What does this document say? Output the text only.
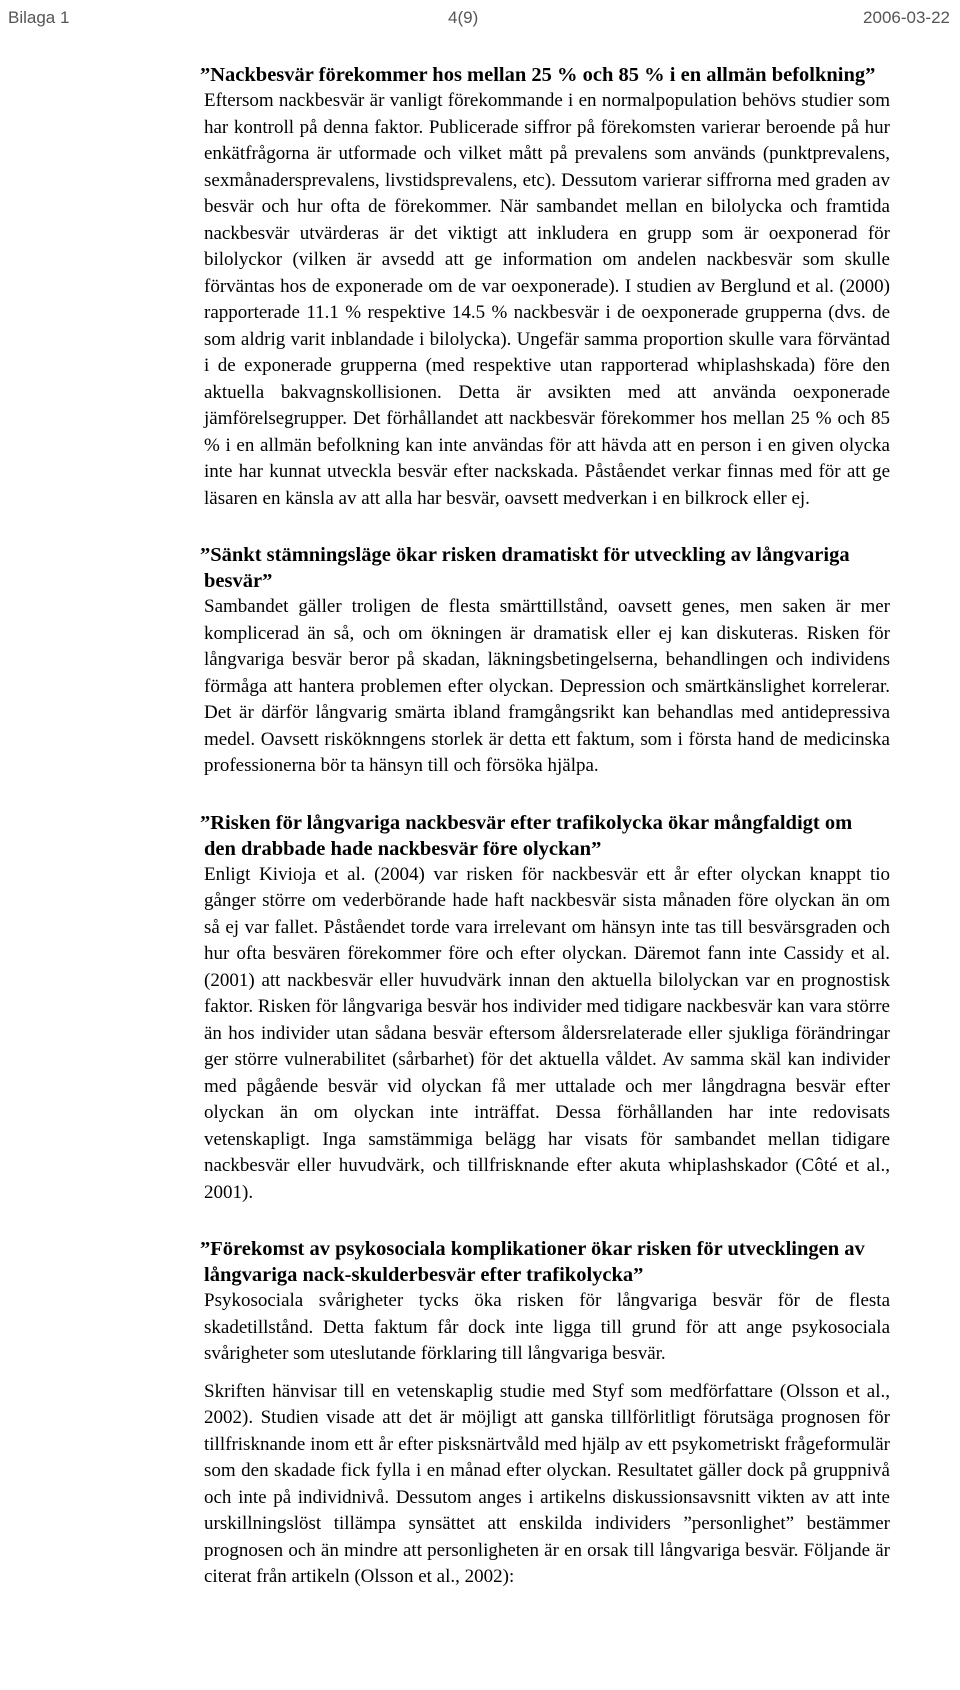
Bilaga 1	4(9)	2006-03-22
”Nackbesvär förekommer hos mellan 25 % och 85 % i en allmän befolkning”
Eftersom nackbesvär är vanligt förekommande i en normalpopulation behövs studier som har kontroll på denna faktor. Publicerade siffror på förekomsten varierar beroende på hur enkätfrågorna är utformade och vilket mått på prevalens som används (punktprevalens, sexmånadersprevalens, livstidsprevalens, etc). Dessutom varierar siffrorna med graden av besvär och hur ofta de förekommer. När sambandet mellan en bilolycka och framtida nackbesvär utvärderas är det viktigt att inkludera en grupp som är oexponerad för bilolyckor (vilken är avsedd att ge information om andelen nackbesvär som skulle förväntas hos de exponerade om de var oexponerade). I studien av Berglund et al. (2000) rapporterade 11.1 % respektive 14.5 % nackbesvär i de oexponerade grupperna (dvs. de som aldrig varit inblandade i bilolycka). Ungefär samma proportion skulle vara förväntad i de exponerade grupperna (med respektive utan rapporterad whiplashskada) före den aktuella bakvagnskollisionen. Detta är avsikten med att använda oexponerade jämförelsegrupper. Det förhållandet att nackbesvär förekommer hos mellan 25 % och 85 % i en allmän befolkning kan inte användas för att hävda att en person i en given olycka inte har kunnat utveckla besvär efter nackskada. Påståendet verkar finnas med för att ge läsaren en känsla av att alla har besvär, oavsett medverkan i en bilkrock eller ej.
”Sänkt stämningsläge ökar risken dramatiskt för utveckling av långvariga besvär”
Sambandet gäller troligen de flesta smärttillstånd, oavsett genes, men saken är mer komplicerad än så, och om ökningen är dramatisk eller ej kan diskuteras. Risken för långvariga besvär beror på skadan, läkningsbetingelserna, behandlingen och individens förmåga att hantera problemen efter olyckan. Depression och smärtkänslighet korrelerar. Det är därför långvarig smärta ibland framgångsrikt kan behandlas med antidepressiva medel. Oavsett risköknngens storlek är detta ett faktum, som i första hand de medicinska professionerna bör ta hänsyn till och försöka hjälpa.
”Risken för långvariga nackbesvär efter trafikolycka ökar mångfaldigt om den drabbade hade nackbesvär före olyckan”
Enligt Kivioja et al. (2004) var risken för nackbesvär ett år efter olyckan knappt tio gånger större om vederbörande hade haft nackbesvär sista månaden före olyckan än om så ej var fallet. Påståendet torde vara irrelevant om hänsyn inte tas till besvärsgraden och hur ofta besvären förekommer före och efter olyckan. Däremot fann inte Cassidy et al. (2001) att nackbesvär eller huvudvärk innan den aktuella bilolyckan var en prognostisk faktor. Risken för långvariga besvär hos individer med tidigare nackbesvär kan vara större än hos individer utan sådana besvär eftersom åldersrelaterade eller sjukliga förändringar ger större vulnerabilitet (sårbarhet) för det aktuella våldet. Av samma skäl kan individer med pågående besvär vid olyckan få mer uttalade och mer långdragna besvär efter olyckan än om olyckan inte inträffat. Dessa förhållanden har inte redovisats vetenskapligt. Inga samstämmiga belägg har visats för sambandet mellan tidigare nackbesvär eller huvudvärk, och tillfrisknande efter akuta whiplashskador (Côté et al., 2001).
”Förekomst av psykosociala komplikationer ökar risken för utvecklingen av långvariga nack-skulderbesvär efter trafikolycka”
Psykosociala svårigheter tycks öka risken för långvariga besvär för de flesta skadetillstånd. Detta faktum får dock inte ligga till grund för att ange psykosociala svårigheter som uteslutande förklaring till långvariga besvär.
Skriften hänvisar till en vetenskaplig studie med Styf som medförfattare (Olsson et al., 2002). Studien visade att det är möjligt att ganska tillförlitligt förutsäga prognosen för tillfrisknande inom ett år efter pisksnärtvåld med hjälp av ett psykometriskt frågeformulär som den skadade fick fylla i en månad efter olyckan. Resultatet gäller dock på gruppnivå och inte på individnivå. Dessutom anges i artikelns diskussionsavsnitt vikten av att inte urskillningslöst tillämpa synsättet att enskilda individers ”personlighet” bestämmer prognosen och än mindre att personligheten är en orsak till långvariga besvär. Följande är citerat från artikeln (Olsson et al., 2002):
